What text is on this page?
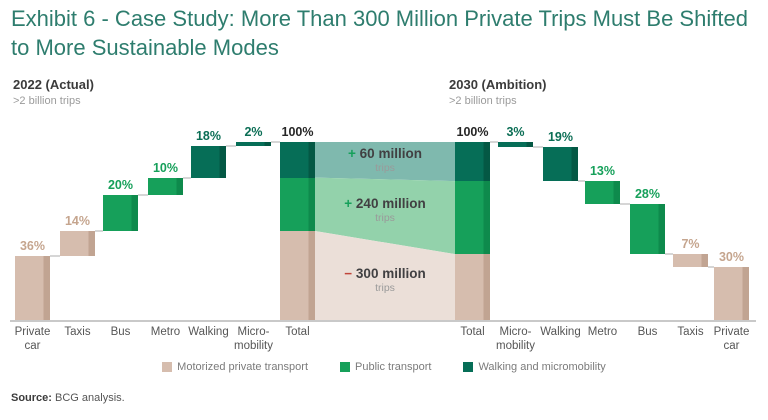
Exhibit 6 - Case Study: More Than 300 Million Private Trips Must Be Shifted to More Sustainable Modes
2022 (Actual)
>2 billion trips
2030 (Ambition)
>2 billion trips
36%
Private
car
14%
Taxis
20%
Bus
10%
Metro
18%
Walking
2%
Micro-
mobility
100%
Total
100%
Total
3%
Micro-
mobility
19%
Walking
13%
Metro
28%
Bus
7%
Taxis
30%
Private
car
+ 60 million
trips
+ 240 million
trips
− 300 million
trips
Motorized private transport	Public transport	Walking and micromobility
Source: BCG analysis.
